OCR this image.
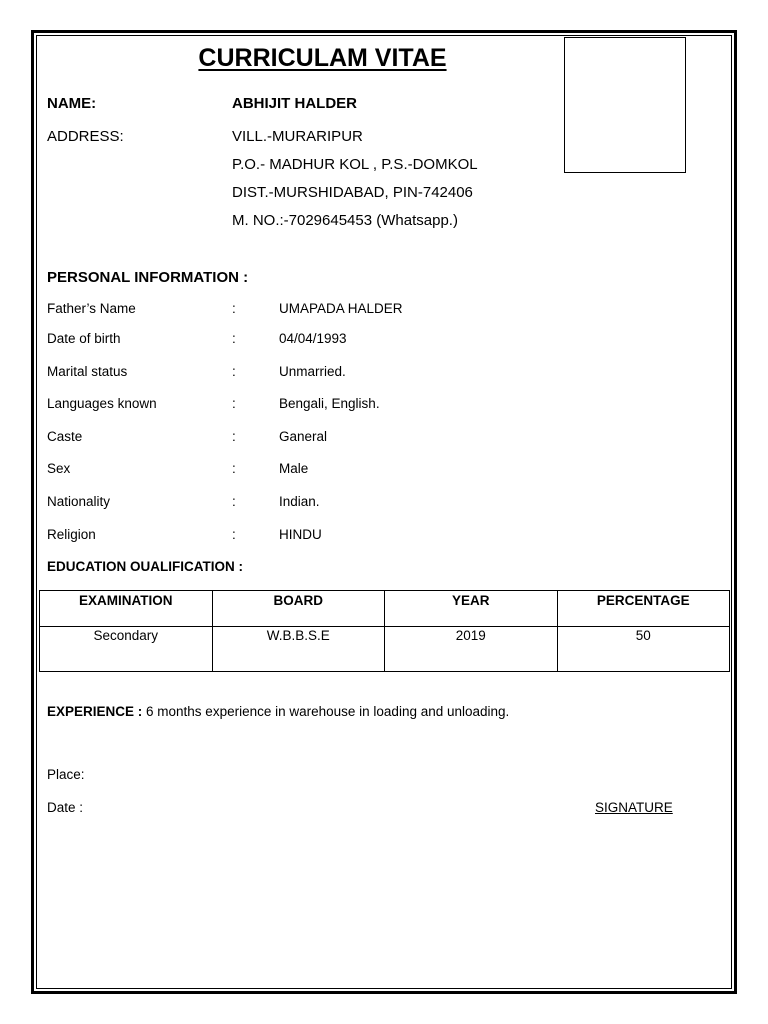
CURRICULAM VITAE
NAME:	ABHIJIT HALDER
ADDRESS:	VILL.-MURARIPUR
P.O.- MADHUR KOL , P.S.-DOMKOL
DIST.-MURSHIDABAD, PIN-742406
M. NO.:-7029645453 (Whatsapp.)
PERSONAL INFORMATION :
Father’s Name	:	UMAPADA HALDER
Date of birth	:	04/04/1993
Marital status	:	Unmarried.
Languages known	:	Bengali, English.
Caste	:	Ganeral
Sex	:	Male
Nationality	:	Indian.
Religion	:	HINDU
EDUCATION OUALIFICATION :
EXAMINATION	BOARD	YEAR	PERCENTAGE
Secondary	W.B.B.S.E	2019	50
EXPERIENCE : 6 months experience in warehouse in loading and unloading.
Place:
Date :	SIGNATURE
